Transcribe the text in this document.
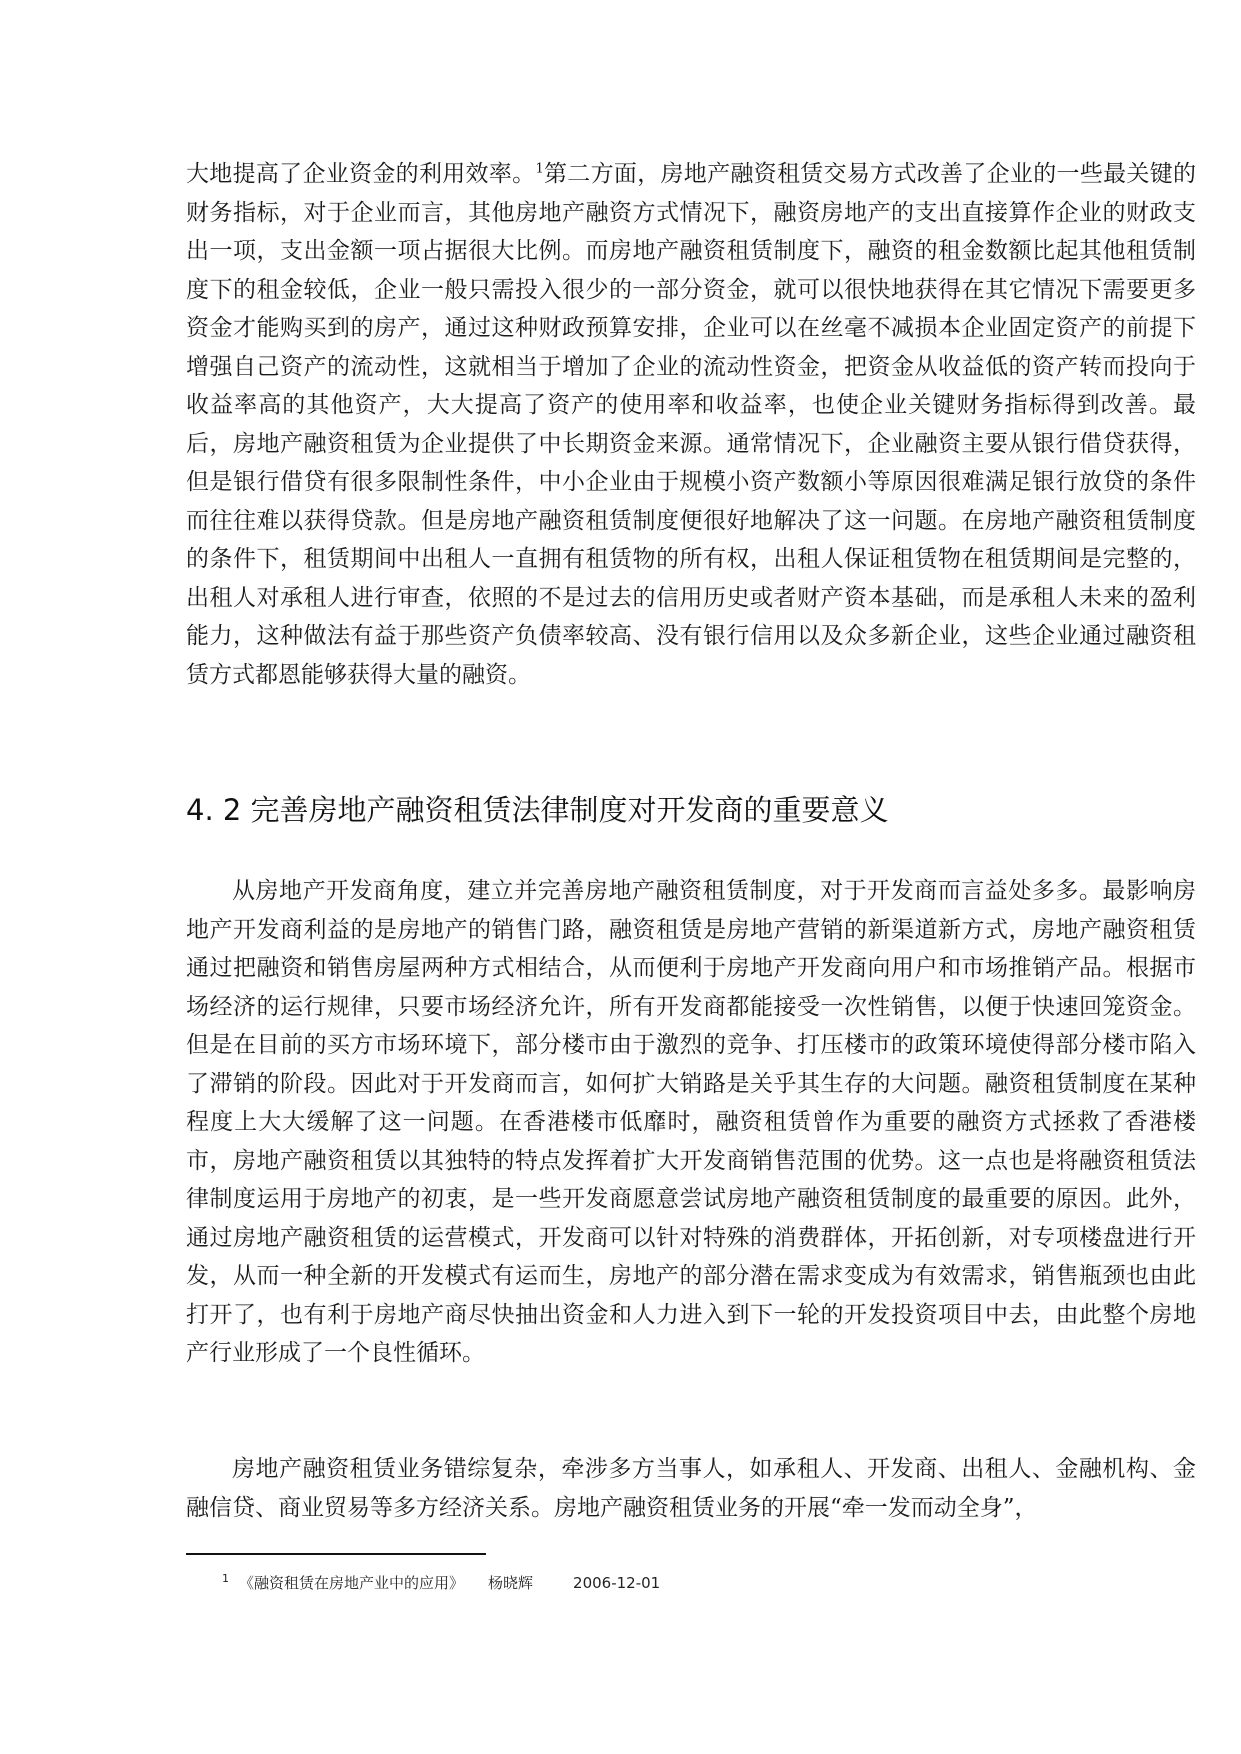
大地提高了企业资金的利用效率。$^1$第二方面，房地产融资租赁交易方式改善了企业的一些最关键的财务指标，对于企业而言，其他房地产融资方式情况下，融资房地产的支出直接算作企业的财政支出一项，支出金额一项占据很大比例。而房地产融资租赁制度下，融资的租金数额比起其他租赁制度下的租金较低，企业一般只需投入很少的一部分资金，就可以很快地获得在其它情况下需要更多资金才能购买到的房产，通过这种财政预算安排，企业可以在丝毫不减损本企业固定资产的前提下增强自己资产的流动性，这就相当于增加了企业的流动性资金，把资金从收益低的资产转而投向于收益率高的其他资产，大大提高了资产的使用率和收益率，也使企业关键财务指标得到改善。最后，房地产融资租赁为企业提供了中长期资金来源。通常情况下，企业融资主要从银行借贷获得，但是银行借贷有很多限制性条件，中小企业由于规模小资产数额小等原因很难满足银行放贷的条件而往往难以获得贷款。但是房地产融资租赁制度便很好地解决了这一问题。在房地产融资租赁制度的条件下，租赁期间中出租人一直拥有租赁物的所有权，出租人保证租赁物在租赁期间是完整的，出租人对承租人进行审查，依照的不是过去的信用历史或者财产资本基础，而是承租人未来的盈利能力，这种做法有益于那些资产负债率较高、没有银行信用以及众多新企业，这些企业通过融资租赁方式都恩能够获得大量的融资。

4. 2 完善房地产融资租赁法律制度对开发商的重要意义

从房地产开发商角度，建立并完善房地产融资租赁制度，对于开发商而言益处多多。最影响房地产开发商利益的是房地产的销售门路，融资租赁是房地产营销的新渠道新方式，房地产融资租赁通过把融资和销售房屋两种方式相结合，从而便利于房地产开发商向用户和市场推销产品。根据市场经济的运行规律，只要市场经济允许，所有开发商都能接受一次性销售，以便于快速回笼资金。但是在目前的买方市场环境下，部分楼市由于激烈的竞争、打压楼市的政策环境使得部分楼市陷入了滞销的阶段。因此对于开发商而言，如何扩大销路是关乎其生存的大问题。融资租赁制度在某种程度上大大缓解了这一问题。在香港楼市低靡时，融资租赁曾作为重要的融资方式拯救了香港楼市，房地产融资租赁以其独特的特点发挥着扩大开发商销售范围的优势。这一点也是将融资租赁法律制度运用于房地产的初衷，是一些开发商愿意尝试房地产融资租赁制度的最重要的原因。此外，通过房地产融资租赁的运营模式，开发商可以针对特殊的消费群体，开拓创新，对专项楼盘进行开发，从而一种全新的开发模式有运而生，房地产的部分潜在需求变成为有效需求，销售瓶颈也由此打开了，也有利于房地产商尽快抽出资金和人力进入到下一轮的开发投资项目中去，由此整个房地产行业形成了一个良性循环。

房地产融资租赁业务错综复杂，牵涉多方当事人，如承租人、开发商、出租人、金融机构、金融信贷、商业贸易等多方经济关系。房地产融资租赁业务的开展“牵一发而动全身”，

$^1$ 《融资租赁在房地产业中的应用》 杨晓辉	2006-12-01
